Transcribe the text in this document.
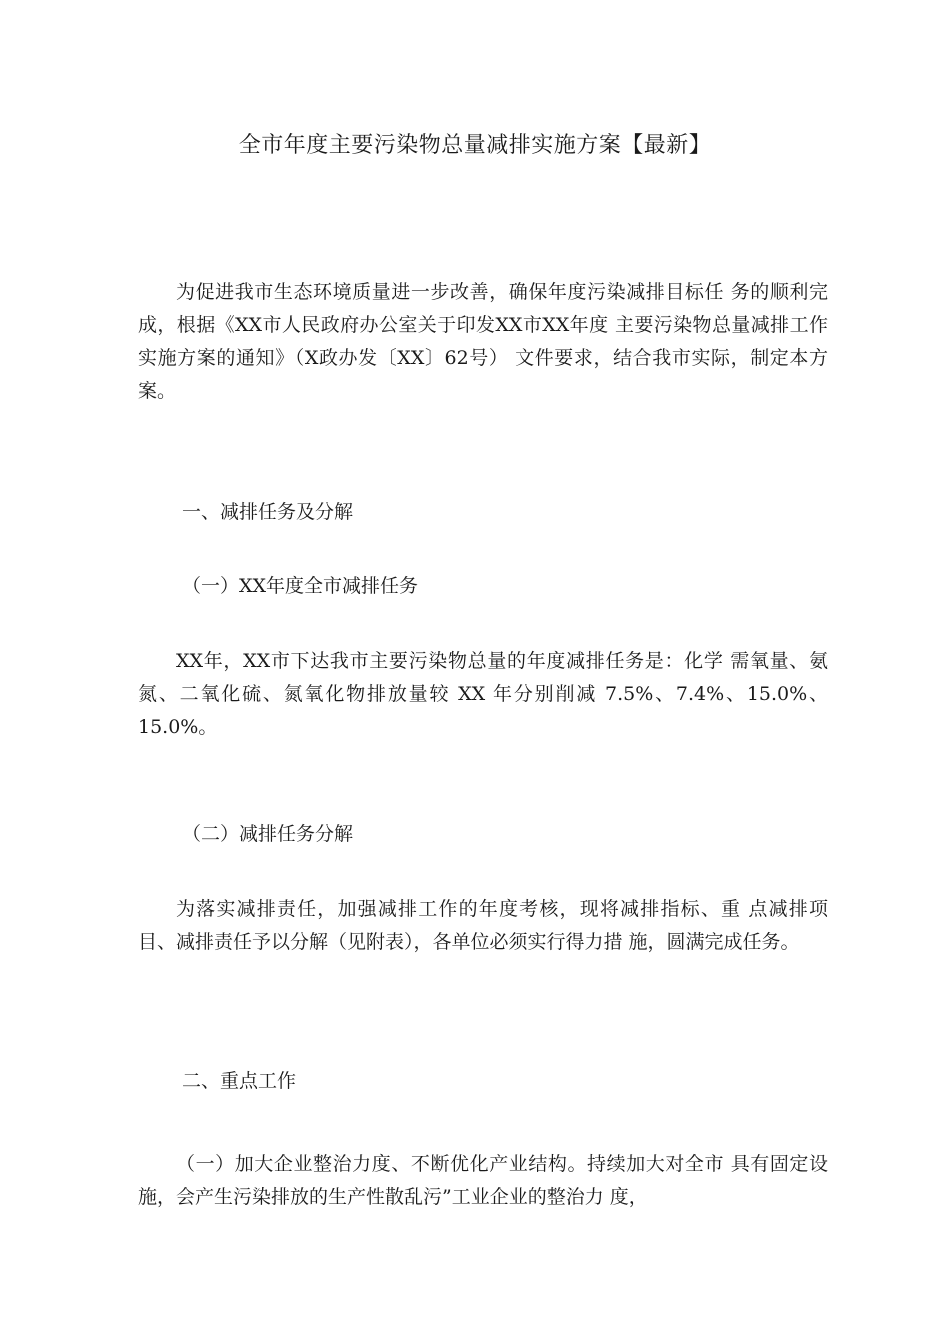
全市年度主要污染物总量减排实施方案【最新】
为促进我市生态环境质量进一步改善，确保年度污染减排目标任 务的顺利完成，根据《XX市人民政府办公室关于印发XX市XX年度 主要污染物总量减排工作实施方案的通知》（X政办发〔XX〕62号） 文件要求，结合我市实际，制定本方案。
一、减排任务及分解
（一）XX年度全市减排任务
XX年，XX市下达我市主要污染物总量的年度减排任务是：化学 需氧量、氨氮、二氧化硫、氮氧化物排放量较 XX 年分别削减 7.5%、7.4%、15.0%、15.0%。
（二）减排任务分解
为落实减排责任，加强减排工作的年度考核，现将减排指标、重 点减排项目、减排责任予以分解（见附表），各单位必须实行得力措 施，圆满完成任务。
二、重点工作
（一）加大企业整治力度、不断优化产业结构。持续加大对全市 具有固定设施，会产生污染排放的生产性散乱污”工业企业的整治力 度，
